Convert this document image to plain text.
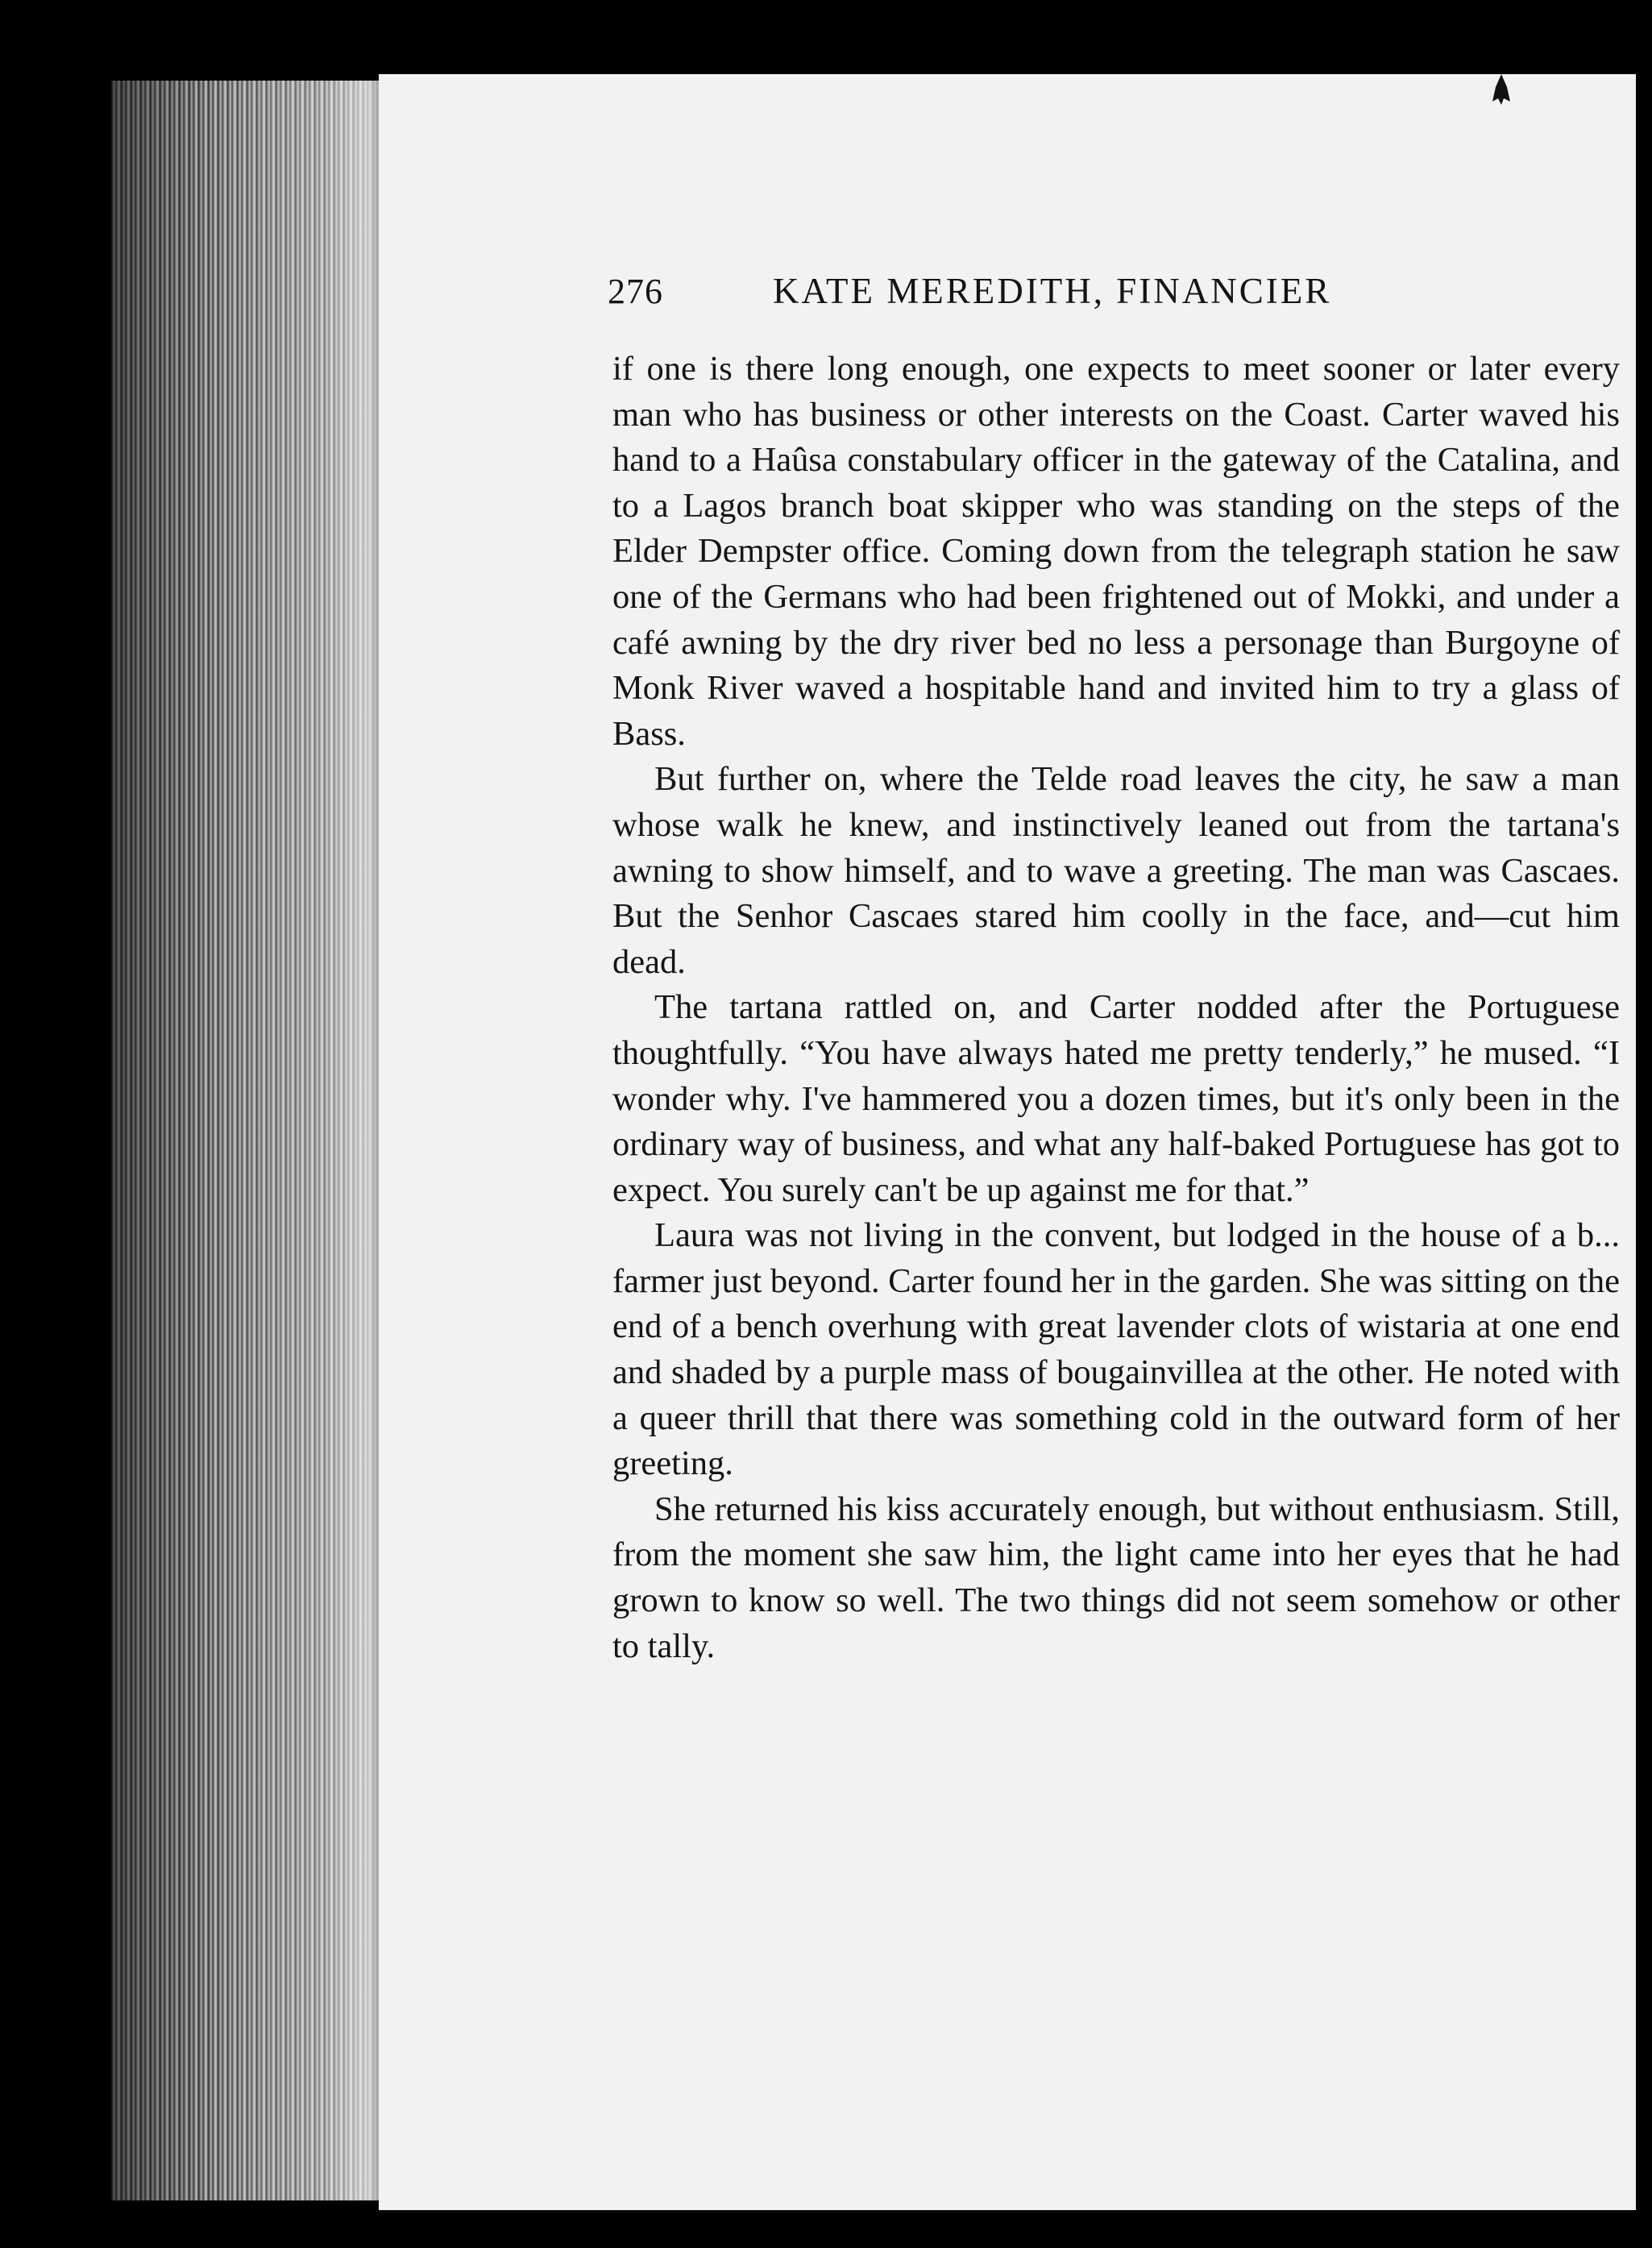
276	KATE MEREDITH, FINANCIER

if one is there long enough, one expects to meet sooner or later every man who has business or other interests on the Coast. Carter waved his hand to a Haûsa constabulary officer in the gateway of the Catalina, and to a Lagos branch boat skipper who was standing on the steps of the Elder Dempster office. Coming down from the telegraph station he saw one of the Germans who had been frightened out of Mokki, and under a café awning by the dry river bed no less a personage than Burgoyne of Monk River waved a hospitable hand and invited him to try a glass of Bass.

But further on, where the Telde road leaves the city, he saw a man whose walk he knew, and instinctively leaned out from the tartana's awning to show himself, and to wave a greeting. The man was Cascaes. But the Senhor Cascaes stared him coolly in the face, and—cut him dead.

The tartana rattled on, and Carter nodded after the Portuguese thoughtfully. “You have always hated me pretty tenderly,” he mused. “I wonder why. I've hammered you a dozen times, but it's only been in the ordinary way of business, and what any half-baked Portuguese has got to expect. You surely can't be up against me for that.”

Laura was not living in the convent, but lodged in the house of a b... farmer just beyond. Carter found her in the garden. She was sitting on the end of a bench overhung with great lavender clots of wistaria at one end and shaded by a purple mass of bougainvillea at the other. He noted with a queer thrill that there was something cold in the outward form of her greeting.

She returned his kiss accurately enough, but without enthusiasm. Still, from the moment she saw him, the light came into her eyes that he had grown to know so well. The two things did not seem somehow or other to tally.
